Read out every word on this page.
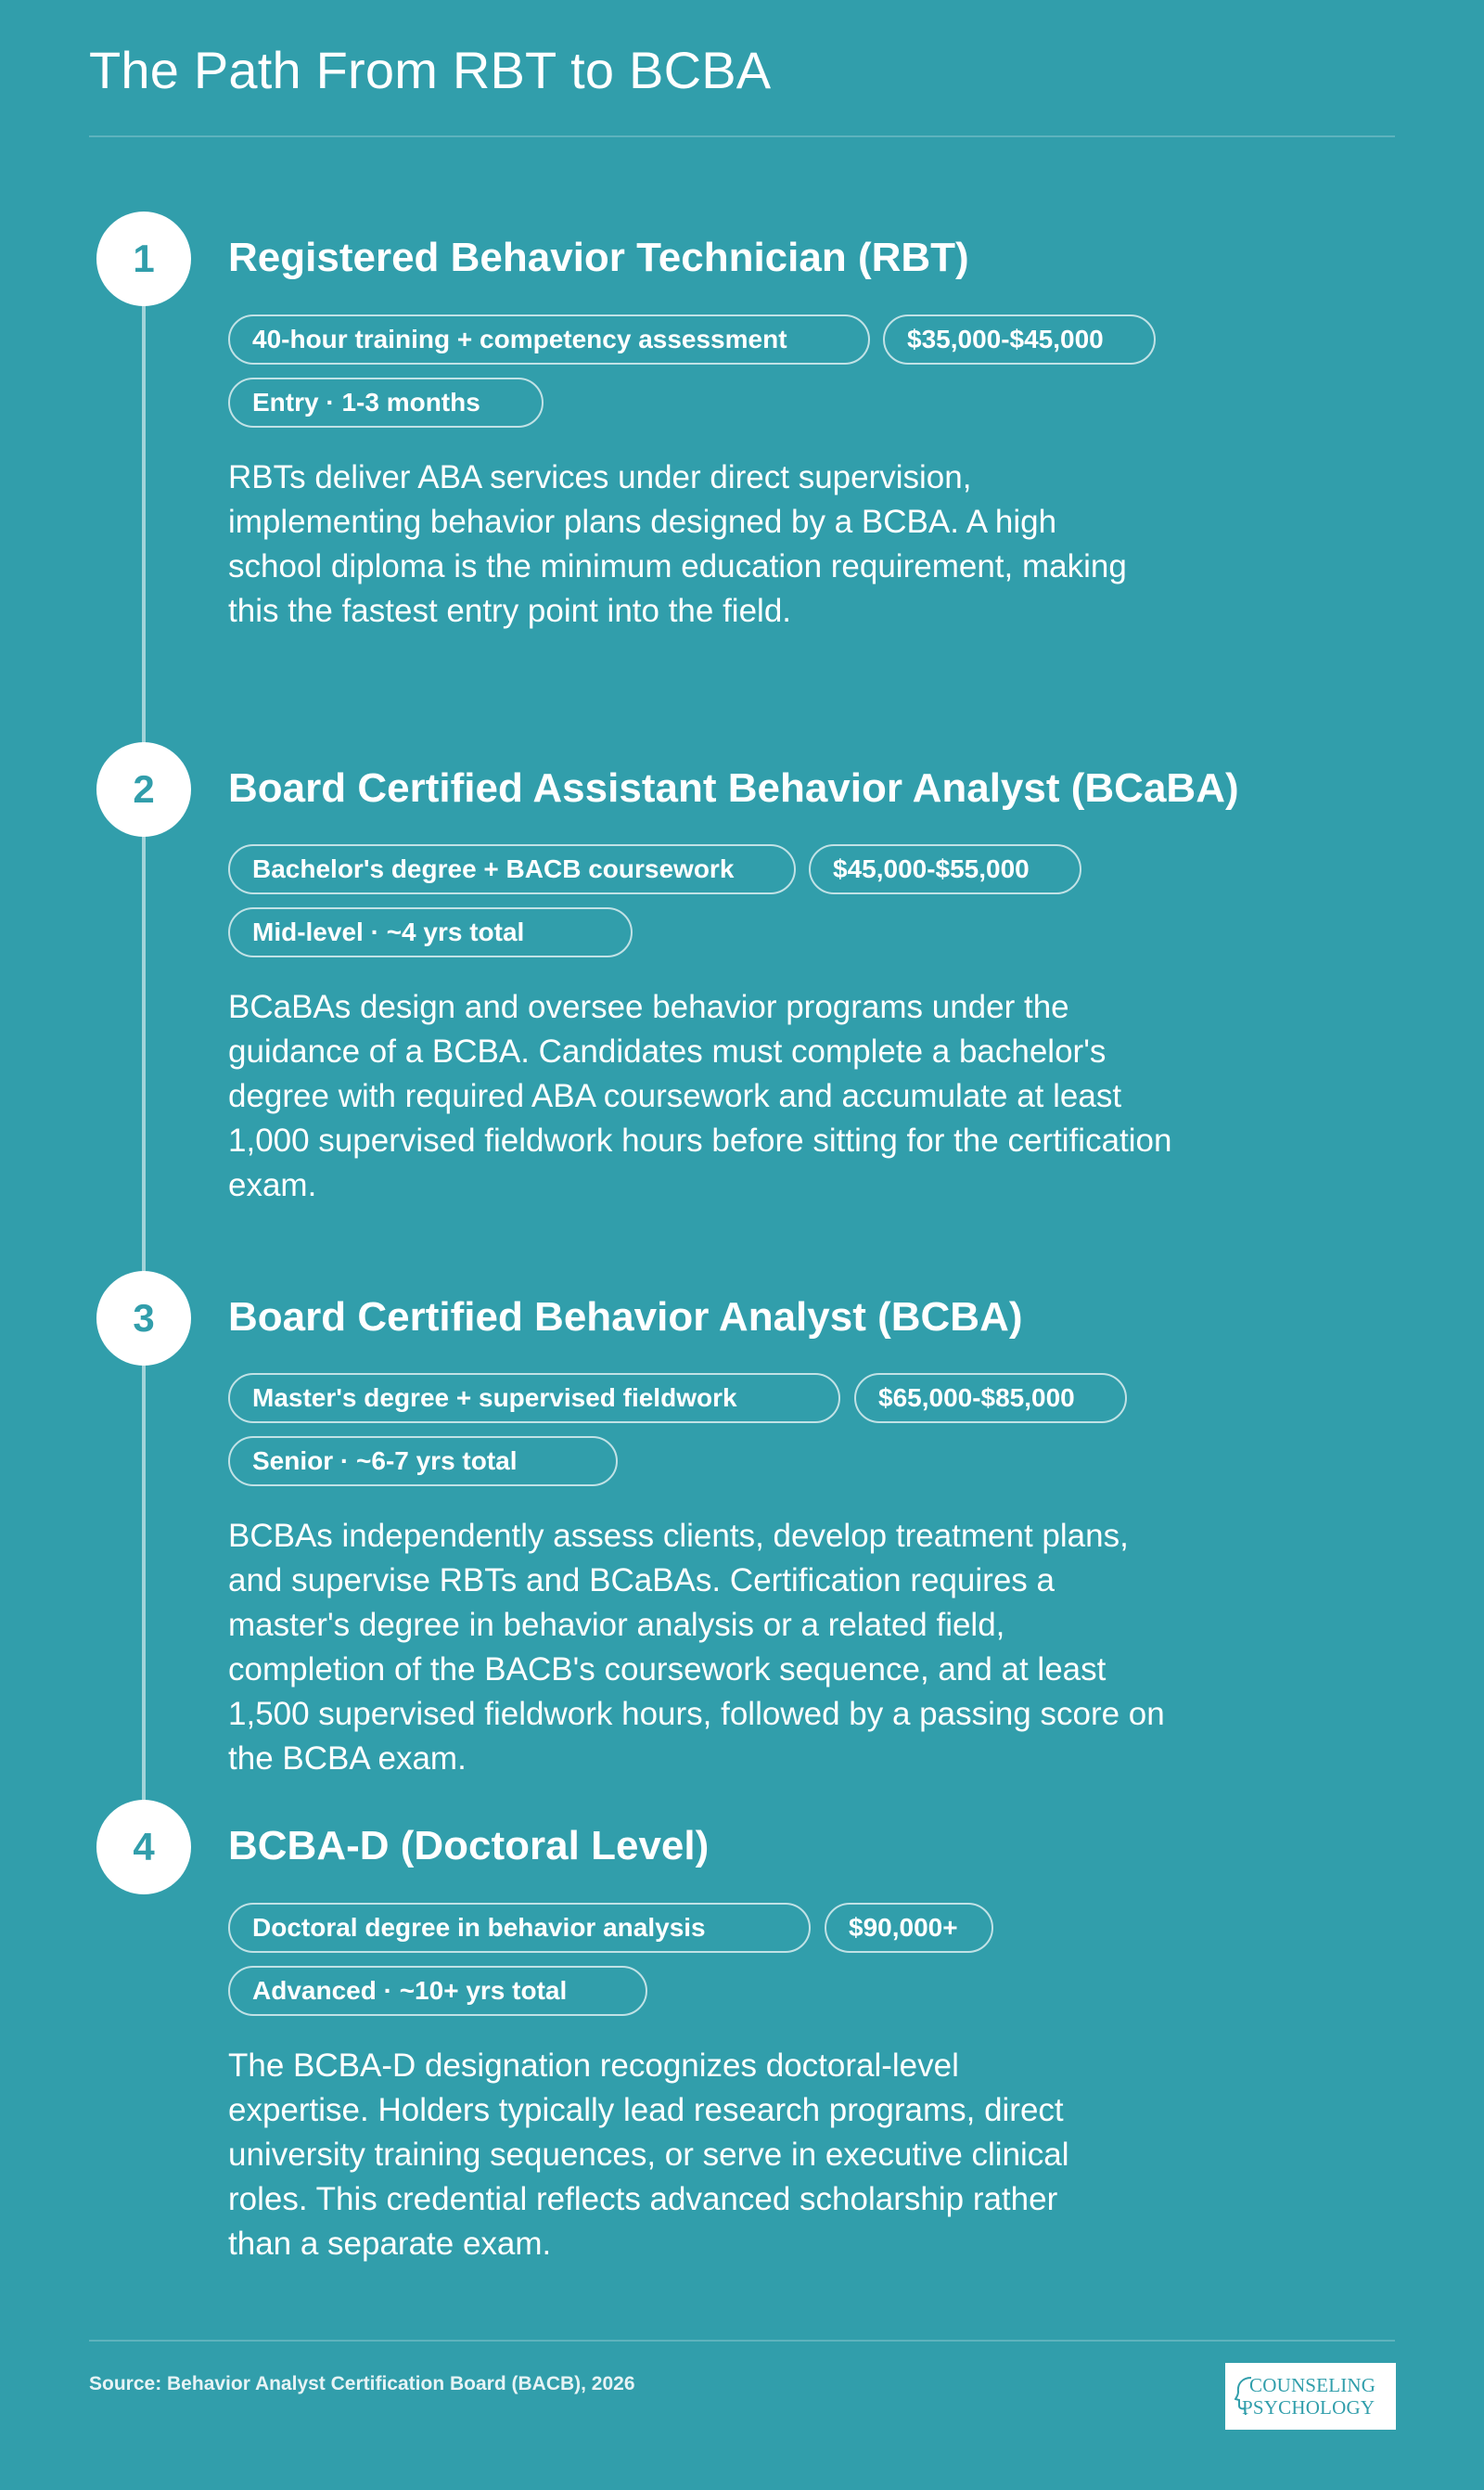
The Path From RBT to BCBA
1	Registered Behavior Technician (RBT)
40-hour training + competency assessment	$35,000-$45,000
Entry · 1-3 months

RBTs deliver ABA services under direct supervision, implementing behavior plans designed by a BCBA. A high school diploma is the minimum education requirement, making this the fastest entry point into the field.

2	Board Certified Assistant Behavior Analyst (BCaBA)
Bachelor's degree + BACB coursework	$45,000-$55,000
Mid-level · ~4 yrs total

BCaBAs design and oversee behavior programs under the guidance of a BCBA. Candidates must complete a bachelor's degree with required ABA coursework and accumulate at least 1,000 supervised fieldwork hours before sitting for the certification exam.

3	Board Certified Behavior Analyst (BCBA)
Master's degree + supervised fieldwork	$65,000-$85,000
Senior · ~6-7 yrs total

BCBAs independently assess clients, develop treatment plans, and supervise RBTs and BCaBAs. Certification requires a master's degree in behavior analysis or a related field, completion of the BACB's coursework sequence, and at least 1,500 supervised fieldwork hours, followed by a passing score on the BCBA exam.

4	BCBA-D (Doctoral Level)
Doctoral degree in behavior analysis	$90,000+
Advanced · ~10+ yrs total

The BCBA-D designation recognizes doctoral-level expertise. Holders typically lead research programs, direct university training sequences, or serve in executive clinical roles. This credential reflects advanced scholarship rather than a separate exam.

Source: Behavior Analyst Certification Board (BACB), 2026	COUNSELING
PSYCHOLOGY
